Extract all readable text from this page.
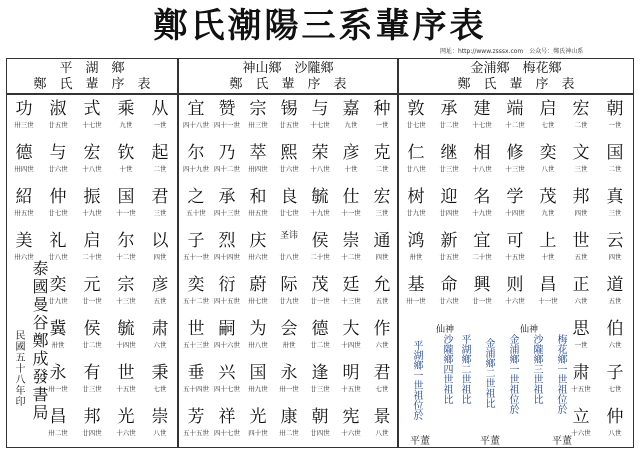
鄭氏潮陽三系輩序表
网址：http://www.zsssx.com　公众号：鄭氏神山系
平　湖　鄉
鄭　氏　輩　序　表
神山鄉　沙隴鄉
鄭　氏　輩　序　表
金浦鄉　梅花鄉
鄭　氏　輩　序　表
功
卅三世
德
卅四世
紹
卅五世
美
卅六世
淑
廿五世
与
廿六世
仲
廿七世
礼
廿八世
奕
廿九世
冀
卅世
永
卅一世
昌
卅二世
式
十七世
宏
十八世
振
十九世
启
二十世
元
廿一世
侯
廿二世
有
廿三世
邦
廿四世
乘
九世
钦
十世
国
十一世
尔
十二世
宗
十三世
毓
十四世
世
十五世
光
十六世
从
一世
起
二世
君
三世
以
四世
彦
五世
肃
六世
秉
七世
崇
八世
宜
四十八世
尔
四十九世
之
五十世
子
五十一世
奕
五十二世
世
五十三世
垂
五十四世
芳
五十五世
赞
四十一世
乃
四十二世
承
四十三世
烈
四十四世
衍
四十五世
嗣
四十六世
兴
四十七世
祥
四十七世
宗
卅三世
萃
卅四世
和
卅五世
庆
卅六世
蔚
卅七世
为
卅八世
国
卅九世
光
四十世
锡
廿五世
熙
廿六世
良
廿七世
圣讳
廿八世
际
廿九世
会
卅世
永
卅一世
康
卅二世
与
十七世
荣
十八世
毓
十九世
侯
二十世
茂
廿一世
德
廿二世
逢
廿三世
朝
廿四世
嘉
九世
彦
十世
仕
十一世
崇
十二世
廷
十三世
大
十四世
明
十五世
宪
十六世
种
一世
克
二世
宏
三世
通
四世
允
五世
作
六世
君
七世
景
八世
敦
廿七世
仁
廿八世
树
廿九世
鸿
卅世
基
卅一世
承
廿二世
继
廿三世
迎
廿四世
新
廿五世
命
廿六世
建
十七世
相
十八世
名
十九世
宜
二十世
興
廿一世
端
十二世
修
十三世
学
十四世
可
十五世
则
十六世
启
七世
奕
八世
茂
九世
上
十世
昌
十一世
宏
二世
文
三世
邦
四世
世
五世
正
六世
思
一世
肃
十五世
立
十六世
朝
一世
国
二世
真
三世
云
四世
道
五世
伯
六世
子
七世
仲
八世
泰國曼谷鄭成發書局
民國五十八年印	平湖鄉一世祖位於
平董
仙神
沙隴鄉四世祖比 平湖鄉二世祖比 金浦鄉二世祖比
平董
金浦鄉一世祖位於
仙神
沙隴鄉三世祖比 梅花鄉一世祖位於
平董
